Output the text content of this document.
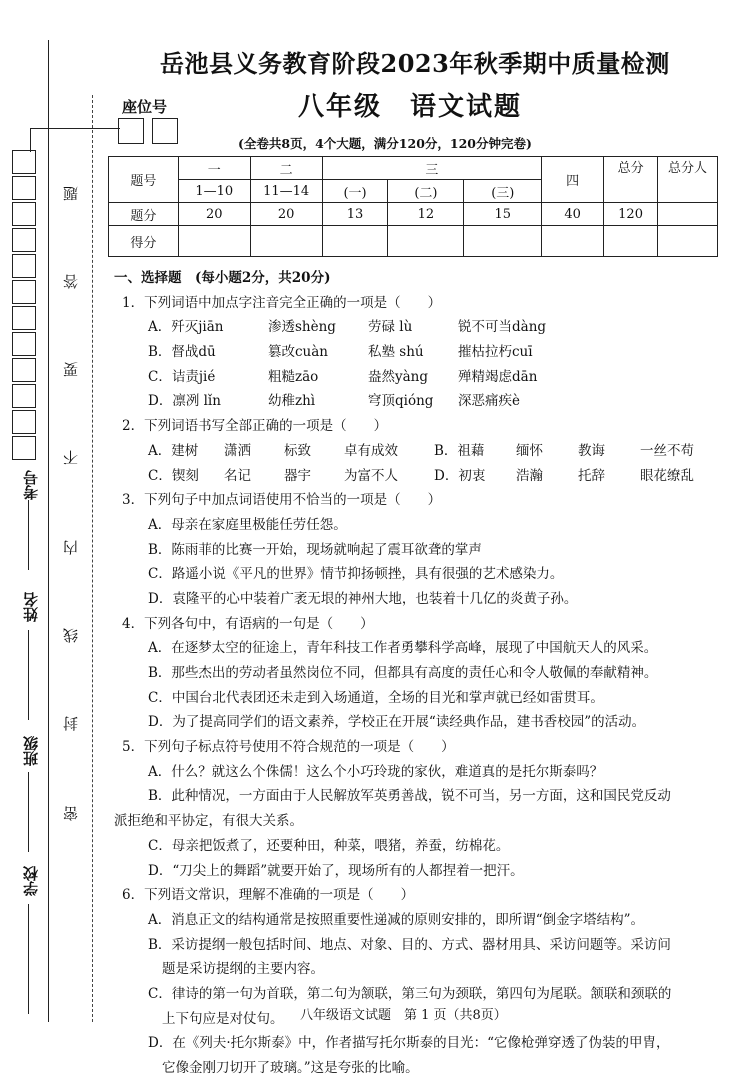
考号
姓名
班级
学校
题
答
要
不
内
线
封
密
座位号
岳池县义务教育阶段2023年秋季期中质量检测
八年级　语文试题
(全卷共8页，4个大题，满分120分，120分钟完卷)
题号	一	二	三			四	总分	总分人
	1—10	11—14	(一)	(二)	(三)			
题分	20	20	13	12	15	40	120	
得分								
一、选择题　(每小题2分，共20分)
1．下列词语中加点字注音完全正确的一项是（　　）
A．歼灭jiān	渗透shèng	劳碌 lù	锐不可当dàng
B．督战dū	篡改cuàn	私塾 shú	摧枯拉朽cuī
C．诘责jié	粗糙zāo	盎然yàng	殚精竭虑dān
D．凛冽 lǐn	幼稚zhì	穹顶qióng	深恶痛疾è
2．下列词语书写全部正确的一项是（　　）
A．建树	潇洒	标致	卓有成效	B．祖藉	缅怀	教诲	一丝不苟
C．锲刻	名记	器宇	为富不人	D．初衷	浩瀚	托辞	眼花缭乱
3．下列句子中加点词语使用不恰当的一项是（　　）
A．母亲在家庭里极能任劳任怨。
B．陈雨菲的比赛一开始，现场就响起了震耳欲聋的掌声
C．路遥小说《平凡的世界》情节抑扬顿挫，具有很强的艺术感染力。
D．袁隆平的心中装着广袤无垠的神州大地，也装着十几亿的炎黄子孙。
4．下列各句中，有语病的一句是（　　）
A．在逐梦太空的征途上，青年科技工作者勇攀科学高峰，展现了中国航天人的风采。
B．那些杰出的劳动者虽然岗位不同，但都具有高度的责任心和令人敬佩的奉献精神。
C．中国台北代表团还未走到入场通道，全场的目光和掌声就已经如雷贯耳。
D．为了提高同学们的语文素养，学校正在开展“读经典作品，建书香校园”的活动。
5．下列句子标点符号使用不符合规范的一项是（　　）
A．什么？就这么个侏儒！这么个小巧玲珑的家伙，难道真的是托尔斯泰吗？
B．此种情况，一方面由于人民解放军英勇善战，锐不可当，另一方面，这和国民党反动
派拒绝和平协定，有很大关系。
C．母亲把饭煮了，还要种田，种菜，喂猪，养蚕，纺棉花。
D．“刀尖上的舞蹈”就要开始了，现场所有的人都捏着一把汗。
6．下列语文常识，理解不准确的一项是（　　）
A．消息正文的结构通常是按照重要性递减的原则安排的，即所谓“倒金字塔结构”。
B．采访提纲一般包括时间、地点、对象、目的、方式、器材用具、采访问题等。采访问
题是采访提纲的主要内容。
C．律诗的第一句为首联，第二句为颔联，第三句为颈联，第四句为尾联。颔联和颈联的
上下句应是对仗句。
D．在《列夫·托尔斯泰》中，作者描写托尔斯泰的目光：“它像枪弹穿透了伪装的甲胄，
它像金刚刀切开了玻璃。”这是夸张的比喻。
八年级语文试题　第 1 页（共8页）
